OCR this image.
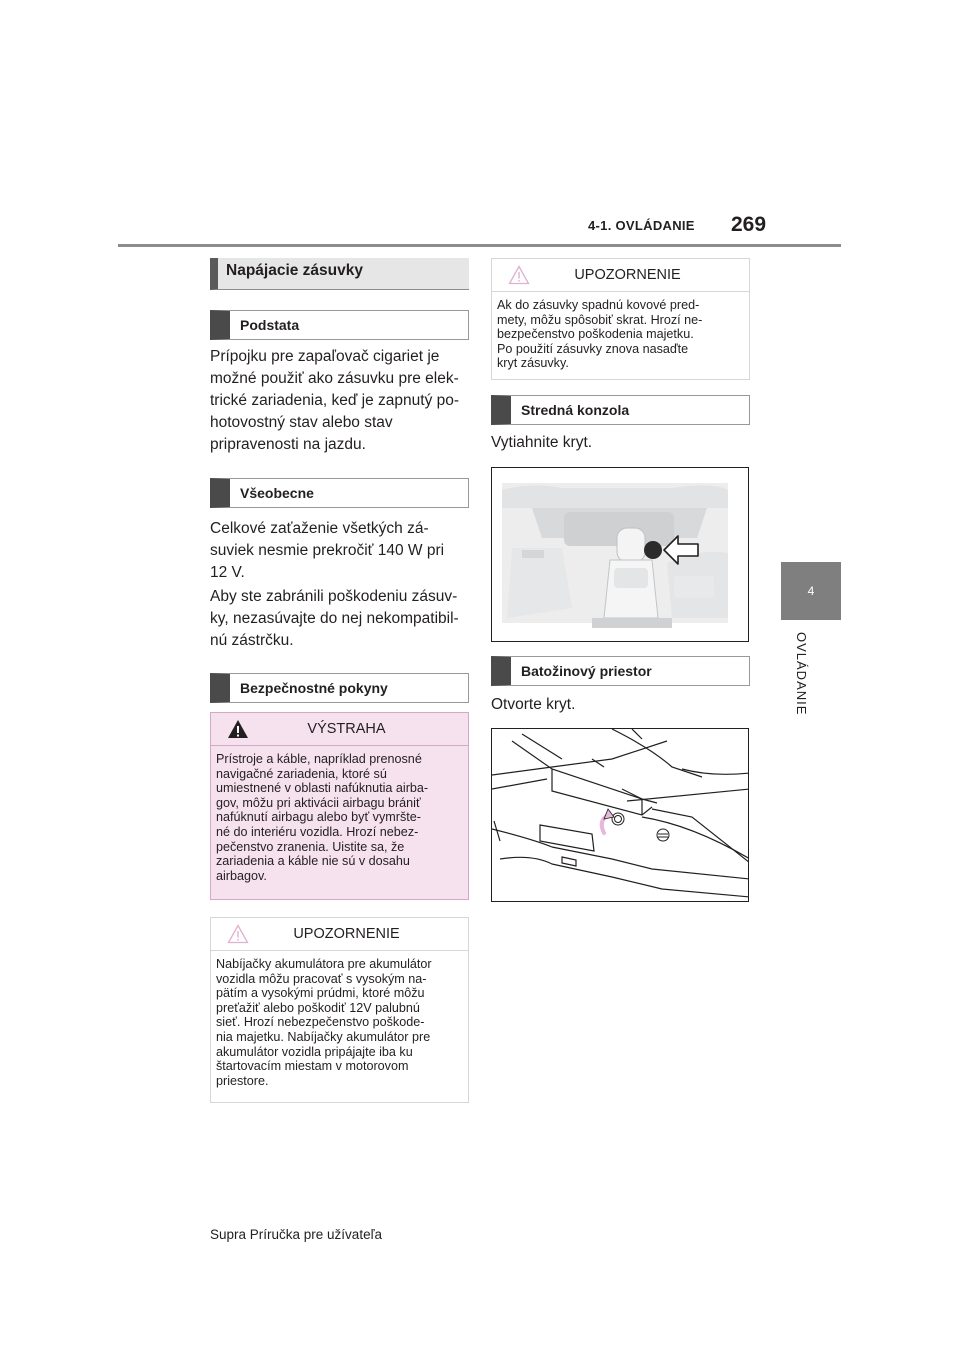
4-1. OVLÁDANIE 269
4
OVLÁDANIE
Napájacie zásuvky
Podstata

Prípojku pre zapaľovač cigariet je
možné použiť ako zásuvku pre elek-
trické zariadenia, keď je zapnutý po-
hotovostný stav alebo stav
pripravenosti na jazdu.

Všeobecne

Celkové zaťaženie všetkých zá-
suviek nesmie prekročiť 140 W pri
12 V.

Aby ste zabránili poškodeniu zásuv-
ky, nezasúvajte do nej nekompatibil-
nú zástrčku.

Bezpečnostné pokyny
VÝSTRAHA

Prístroje a káble, napríklad prenosné
navigačné zariadenia, ktoré sú
umiestnené v oblasti nafúknutia airba-
gov, môžu pri aktivácii airbagu brániť
nafúknutí airbagu alebo byť vymršte-
né do interiéru vozidla. Hrozí nebez-
pečenstvo zranenia. Uistite sa, že
zariadenia a káble nie sú v dosahu
airbagov.

UPOZORNENIE

Nabíjačky akumulátora pre akumulátor
vozidla môžu pracovať s vysokým na-
pätím a vysokými prúdmi, ktoré môžu
preťažiť alebo poškodiť 12V palubnú
sieť. Hrozí nebezpečenstvo poškode-
nia majetku. Nabíjačky akumulátor pre
akumulátor vozidla pripájajte iba ku
štartovacím miestam v motorovom
priestore.

UPOZORNENIE

Ak do zásuvky spadnú kovové pred-
mety, môžu spôsobiť skrat. Hrozí ne-
bezpečenstvo poškodenia majetku.
Po použití zásuvky znova nasaďte
kryt zásuvky.

Stredná konzola

Vytiahnite kryt.

Batožinový priestor

Otvorte kryt.

Supra Príručka pre užívateľa
